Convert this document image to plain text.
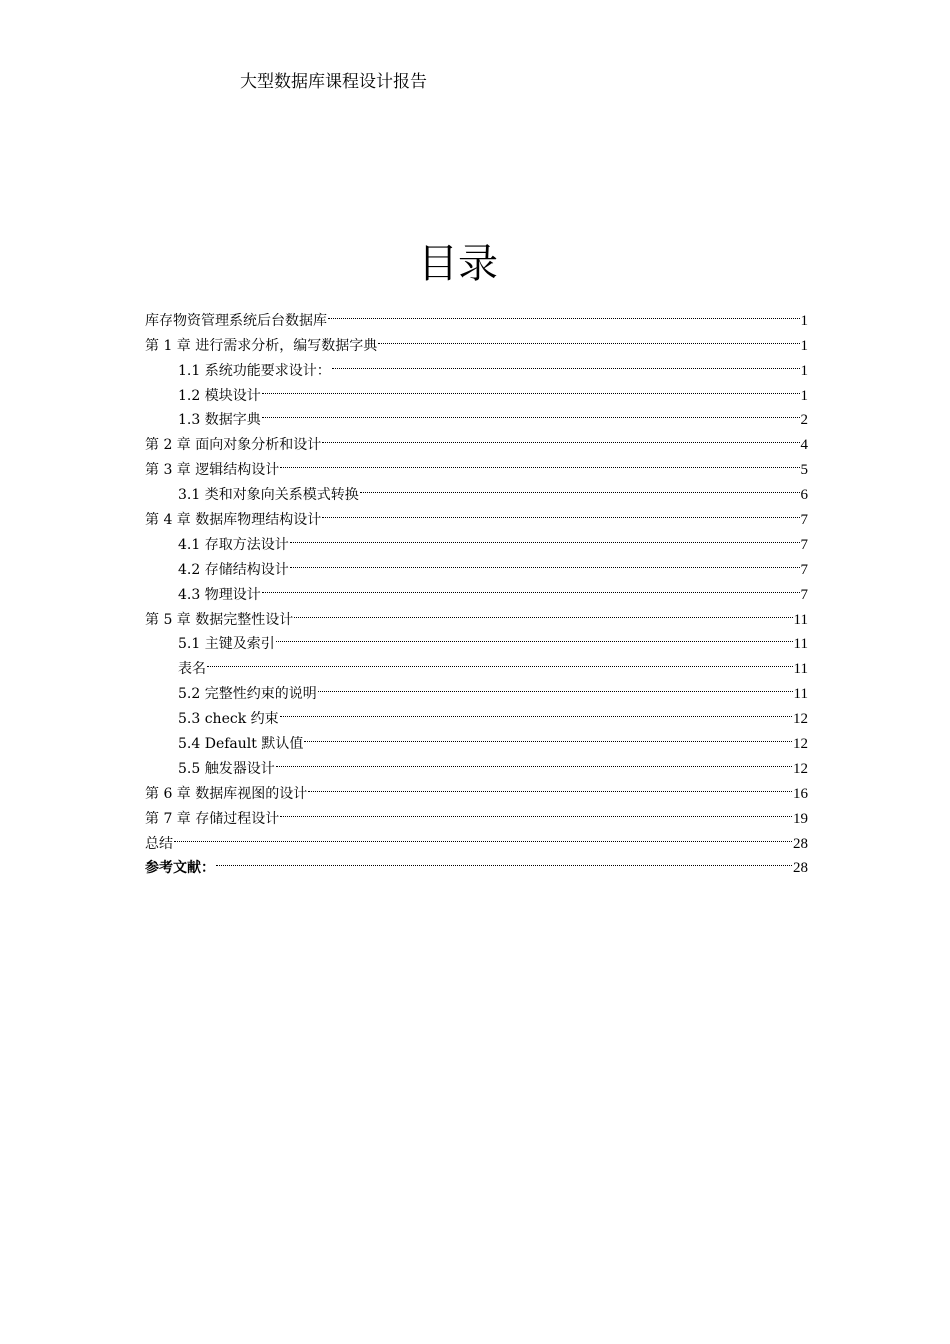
大型数据库课程设计报告
目录
库存物资管理系统后台数据库	1
第 1 章 进行需求分析，编写数据字典	1
1.1 系统功能要求设计：	1
1.2 模块设计	1
1.3 数据字典	2
第 2 章 面向对象分析和设计	4
第 3 章 逻辑结构设计	5
3.1 类和对象向关系模式转换	6
第 4 章 数据库物理结构设计	7
4.1 存取方法设计	7
4.2 存储结构设计	7
4.3 物理设计	7
第 5 章 数据完整性设计	11
5.1 主键及索引	11
表名	11
5.2 完整性约束的说明	11
5.3 check 约束	12
5.4 Default 默认值	12
5.5 触发器设计	12
第 6 章 数据库视图的设计	16
第 7 章 存储过程设计	19
总结	28
参考文献：	28
